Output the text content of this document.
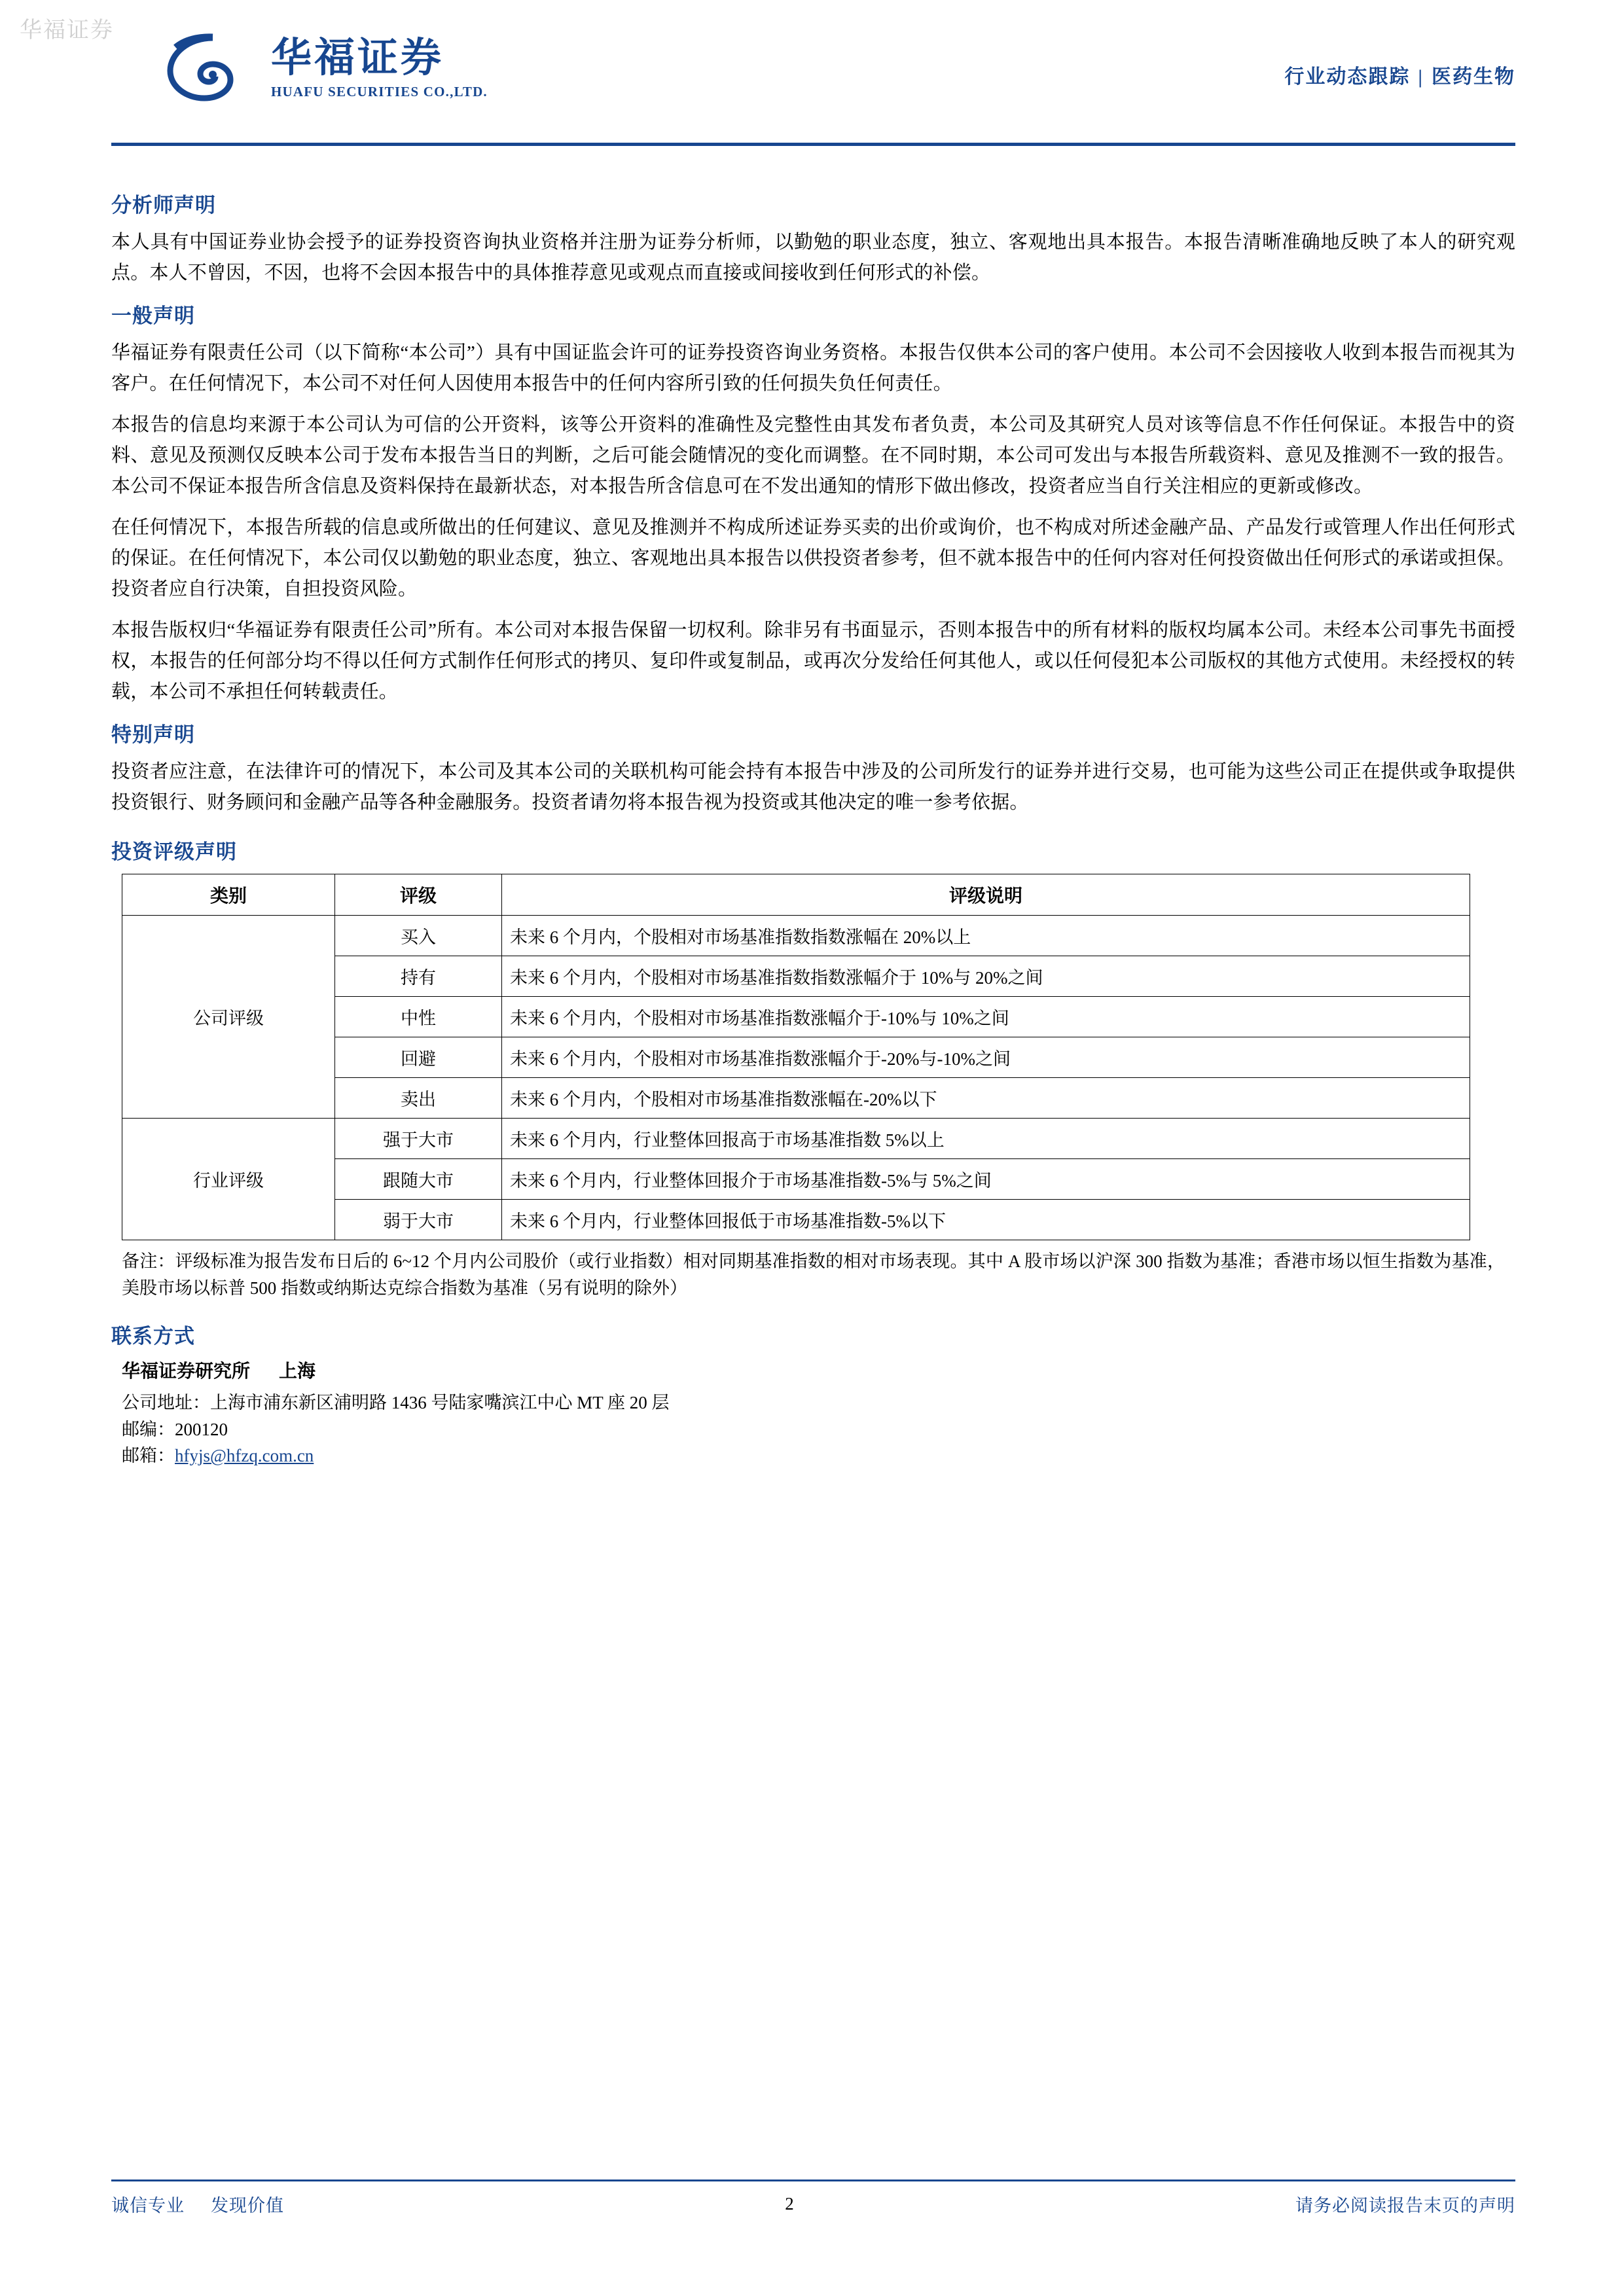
华福证券
华福证券
HUAFU SECURITIES CO.,LTD.
行业动态跟踪 | 医药生物
分析师声明

本人具有中国证券业协会授予的证券投资咨询执业资格并注册为证券分析师，以勤勉的职业态度，独立、客观地出具本报告。本报告清晰准确地反映了本人的研究观点。本人不曾因，不因，也将不会因本报告中的具体推荐意见或观点而直接或间接收到任何形式的补偿。

一般声明

华福证券有限责任公司（以下简称“本公司”）具有中国证监会许可的证券投资咨询业务资格。本报告仅供本公司的客户使用。本公司不会因接收人收到本报告而视其为客户。在任何情况下，本公司不对任何人因使用本报告中的任何内容所引致的任何损失负任何责任。

本报告的信息均来源于本公司认为可信的公开资料，该等公开资料的准确性及完整性由其发布者负责，本公司及其研究人员对该等信息不作任何保证。本报告中的资料、意见及预测仅反映本公司于发布本报告当日的判断，之后可能会随情况的变化而调整。在不同时期，本公司可发出与本报告所载资料、意见及推测不一致的报告。本公司不保证本报告所含信息及资料保持在最新状态，对本报告所含信息可在不发出通知的情形下做出修改，投资者应当自行关注相应的更新或修改。

在任何情况下，本报告所载的信息或所做出的任何建议、意见及推测并不构成所述证券买卖的出价或询价，也不构成对所述金融产品、产品发行或管理人作出任何形式的保证。在任何情况下，本公司仅以勤勉的职业态度，独立、客观地出具本报告以供投资者参考，但不就本报告中的任何内容对任何投资做出任何形式的承诺或担保。投资者应自行决策，自担投资风险。

本报告版权归“华福证券有限责任公司”所有。本公司对本报告保留一切权利。除非另有书面显示，否则本报告中的所有材料的版权均属本公司。未经本公司事先书面授权，本报告的任何部分均不得以任何方式制作任何形式的拷贝、复印件或复制品，或再次分发给任何其他人，或以任何侵犯本公司版权的其他方式使用。未经授权的转载，本公司不承担任何转载责任。

特别声明

投资者应注意，在法律许可的情况下，本公司及其本公司的关联机构可能会持有本报告中涉及的公司所发行的证券并进行交易，也可能为这些公司正在提供或争取提供投资银行、财务顾问和金融产品等各种金融服务。投资者请勿将本报告视为投资或其他决定的唯一参考依据。

投资评级声明
类别	评级	评级说明
公司评级	买入	未来 6 个月内，个股相对市场基准指数指数涨幅在 20%以上
	持有	未来 6 个月内，个股相对市场基准指数指数涨幅介于 10%与 20%之间
	中性	未来 6 个月内，个股相对市场基准指数涨幅介于-10%与 10%之间
	回避	未来 6 个月内，个股相对市场基准指数涨幅介于-20%与-10%之间
	卖出	未来 6 个月内，个股相对市场基准指数涨幅在-20%以下
行业评级	强于大市	未来 6 个月内，行业整体回报高于市场基准指数 5%以上
	跟随大市	未来 6 个月内，行业整体回报介于市场基准指数-5%与 5%之间
	弱于大市	未来 6 个月内，行业整体回报低于市场基准指数-5%以下
备注：评级标准为报告发布日后的 6~12 个月内公司股价（或行业指数）相对同期基准指数的相对市场表现。其中 A 股市场以沪深 300 指数为基准；香港市场以恒生指数为基准，美股市场以标普 500 指数或纳斯达克综合指数为基准（另有说明的除外）
联系方式
华福证券研究所 上海
公司地址：上海市浦东新区浦明路 1436 号陆家嘴滨江中心 MT 座 20 层
邮编：200120
邮箱：hfyjs@hfzq.com.cn
诚信专业 发现价值	2	请务必阅读报告末页的声明
